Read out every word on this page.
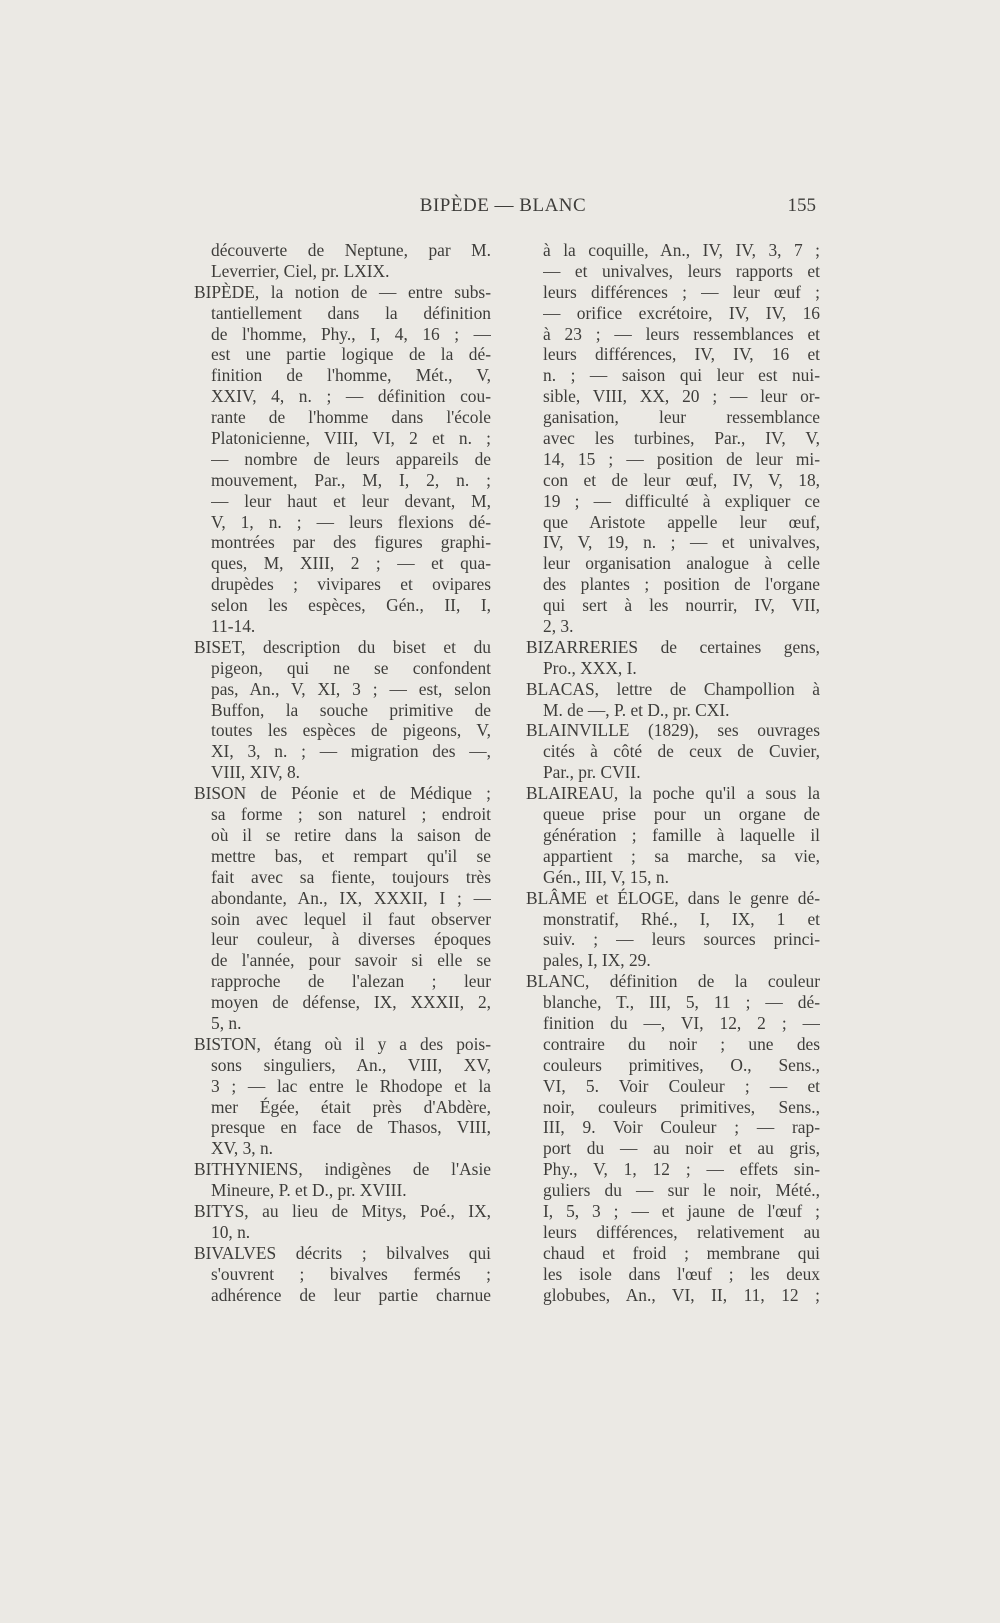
BIPÈDE — BLANC	155
découverte de Neptune, par M.
Leverrier, Ciel, pr. LXIX.
BIPÈDE, la notion de — entre subs-
tantiellement dans la définition
de l'homme, Phy., I, 4, 16 ; —
est une partie logique de la dé-
finition de l'homme, Mét., V,
XXIV, 4, n. ; — définition cou-
rante de l'homme dans l'école
Platonicienne, VIII, VI, 2 et n. ;
— nombre de leurs appareils de
mouvement, Par., M, I, 2, n. ;
— leur haut et leur devant, M,
V, 1, n. ; — leurs flexions dé-
montrées par des figures graphi-
ques, M, XIII, 2 ; — et qua-
drupèdes ; vivipares et ovipares
selon les espèces, Gén., II, I,
11-14.
BISET, description du biset et du
pigeon, qui ne se confondent
pas, An., V, XI, 3 ; — est, selon
Buffon, la souche primitive de
toutes les espèces de pigeons, V,
XI, 3, n. ; — migration des —,
VIII, XIV, 8.
BISON de Péonie et de Médique ;
sa forme ; son naturel ; endroit
où il se retire dans la saison de
mettre bas, et rempart qu'il se
fait avec sa fiente, toujours très
abondante, An., IX, XXXII, I ; —
soin avec lequel il faut observer
leur couleur, à diverses époques
de l'année, pour savoir si elle se
rapproche de l'alezan ; leur
moyen de défense, IX, XXXII, 2,
5, n.
BISTON, étang où il y a des pois-
sons singuliers, An., VIII, XV,
3 ; — lac entre le Rhodope et la
mer Égée, était près d'Abdère,
presque en face de Thasos, VIII,
XV, 3, n.
BITHYNIENS, indigènes de l'Asie
Mineure, P. et D., pr. XVIII.
BITYS, au lieu de Mitys, Poé., IX,
10, n.
BIVALVES décrits ; bilvalves qui
s'ouvrent ; bivalves fermés ;
adhérence de leur partie charnue
à la coquille, An., IV, IV, 3, 7 ;
— et univalves, leurs rapports et
leurs différences ; — leur œuf ;
— orifice excrétoire, IV, IV, 16
à 23 ; — leurs ressemblances et
leurs différences, IV, IV, 16 et
n. ; — saison qui leur est nui-
sible, VIII, XX, 20 ; — leur or-
ganisation, leur ressemblance
avec les turbines, Par., IV, V,
14, 15 ; — position de leur mi-
con et de leur œuf, IV, V, 18,
19 ; — difficulté à expliquer ce
que Aristote appelle leur œuf,
IV, V, 19, n. ; — et univalves,
leur organisation analogue à celle
des plantes ; position de l'organe
qui sert à les nourrir, IV, VII,
2, 3.
BIZARRERIES de certaines gens,
Pro., XXX, I.
BLACAS, lettre de Champollion à
M. de —, P. et D., pr. CXI.
BLAINVILLE (1829), ses ouvrages
cités à côté de ceux de Cuvier,
Par., pr. CVII.
BLAIREAU, la poche qu'il a sous la
queue prise pour un organe de
génération ; famille à laquelle il
appartient ; sa marche, sa vie,
Gén., III, V, 15, n.
BLÂME et ÉLOGE, dans le genre dé-
monstratif, Rhé., I, IX, 1 et
suiv. ; — leurs sources princi-
pales, I, IX, 29.
BLANC, définition de la couleur
blanche, T., III, 5, 11 ; — dé-
finition du —, VI, 12, 2 ; —
contraire du noir ; une des
couleurs primitives, O., Sens.,
VI, 5. Voir Couleur ; — et
noir, couleurs primitives, Sens.,
III, 9. Voir Couleur ; — rap-
port du — au noir et au gris,
Phy., V, 1, 12 ; — effets sin-
guliers du — sur le noir, Mété.,
I, 5, 3 ; — et jaune de l'œuf ;
leurs différences, relativement au
chaud et froid ; membrane qui
les isole dans l'œuf ; les deux
globubes, An., VI, II, 11, 12 ;
